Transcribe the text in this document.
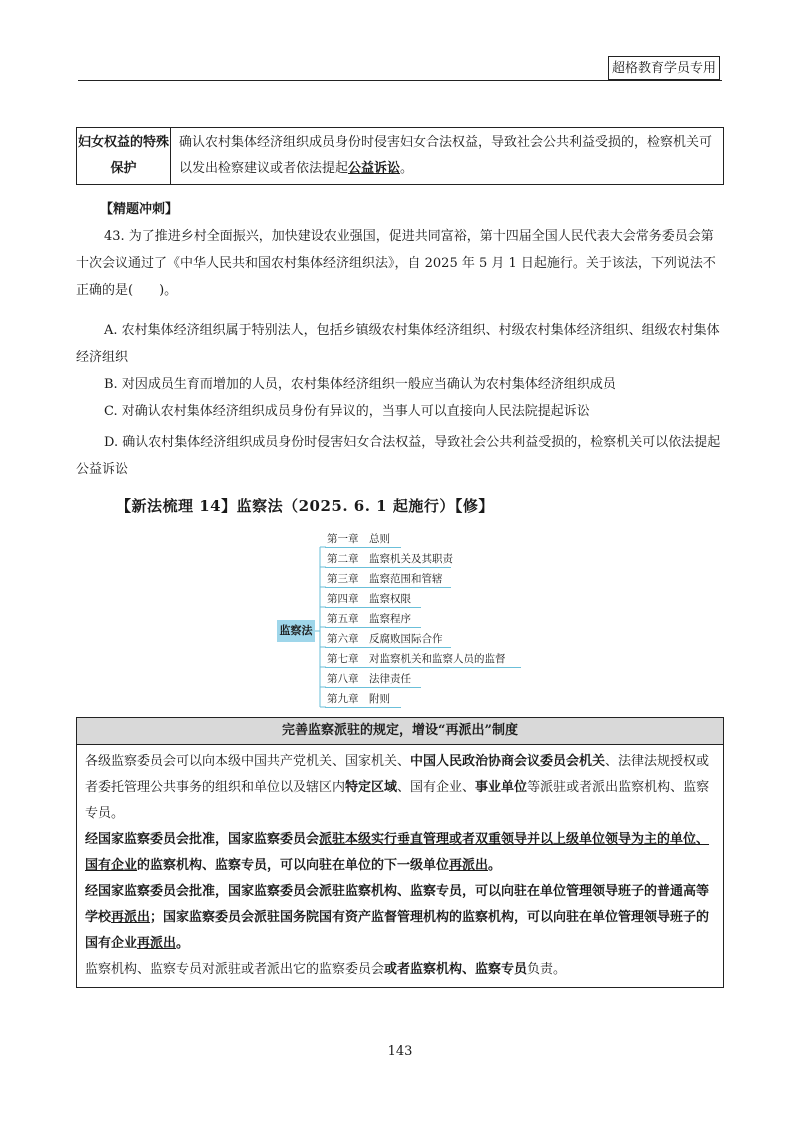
超格教育学员专用
妇女权益的特殊保护
确认农村集体经济组织成员身份时侵害妇女合法权益，导致社会公共利益受损的，检察机关可以发出检察建议或者依法提起公益诉讼。
【精题冲刺】
43. 为了推进乡村全面振兴，加快建设农业强国，促进共同富裕，第十四届全国人民代表大会常务委员会第十次会议通过了《中华人民共和国农村集体经济组织法》，自 2025 年 5 月 1 日起施行。关于该法，下列说法不正确的是(　　)。
A. 农村集体经济组织属于特别法人，包括乡镇级农村集体经济组织、村级农村集体经济组织、组级农村集体经济组织
B. 对因成员生育而增加的人员，农村集体经济组织一般应当确认为农村集体经济组织成员
C. 对确认农村集体经济组织成员身份有异议的，当事人可以直接向人民法院提起诉讼
D. 确认农村集体经济组织成员身份时侵害妇女合法权益，导致社会公共利益受损的，检察机关可以依法提起公益诉讼
【新法梳理 14】监察法（2025. 6. 1 起施行）【修】
监察法
第一章　总则
第二章　监察机关及其职责
第三章　监察范围和管辖
第四章　监察权限
第五章　监察程序
第六章　反腐败国际合作
第七章　对监察机关和监察人员的监督
第八章　法律责任
第九章　附则
完善监察派驻的规定，增设“再派出”制度

各级监察委员会可以向本级中国共产党机关、国家机关、中国人民政治协商会议委员会机关、法律法规授权或者委托管理公共事务的组织和单位以及辖区内特定区域、国有企业、事业单位等派驻或者派出监察机构、监察专员。

经国家监察委员会批准，国家监察委员会派驻本级实行垂直管理或者双重领导并以上级单位领导为主的单位、国有企业的监察机构、监察专员，可以向驻在单位的下一级单位再派出。

经国家监察委员会批准，国家监察委员会派驻监察机构、监察专员，可以向驻在单位管理领导班子的普通高等学校再派出；国家监察委员会派驻国务院国有资产监督管理机构的监察机构，可以向驻在单位管理领导班子的国有企业再派出。

监察机构、监察专员对派驻或者派出它的监察委员会或者监察机构、监察专员负责。

143
